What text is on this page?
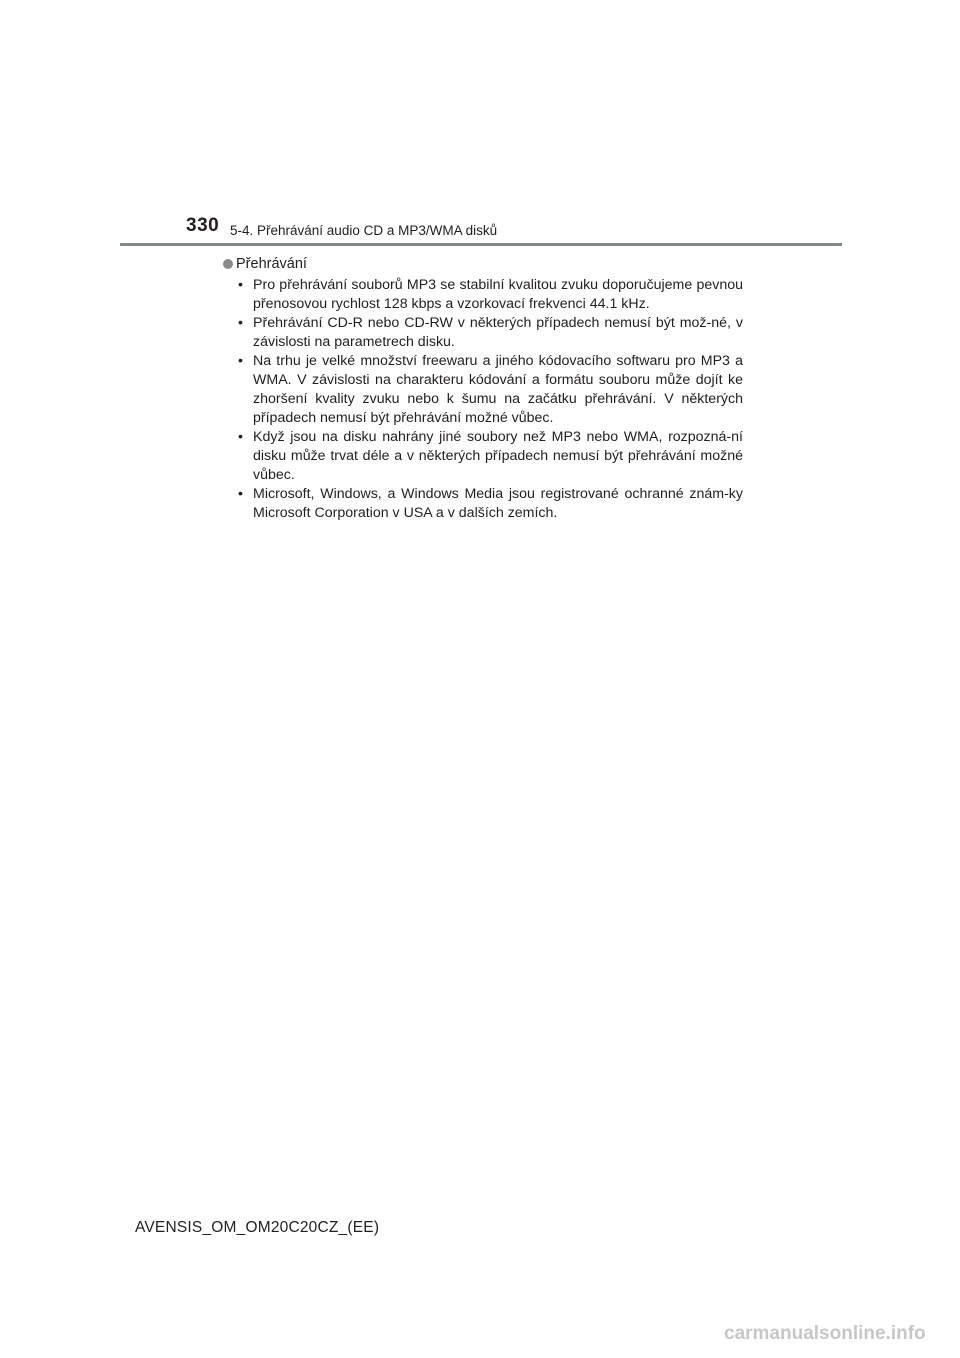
330 5-4. Přehrávání audio CD a MP3/WMA disků
Přehrávání
• Pro přehrávání souborů MP3 se stabilní kvalitou zvuku doporučujeme pevnou přenosovou rychlost 128 kbps a vzorkovací frekvenci 44.1 kHz.
• Přehrávání CD-R nebo CD-RW v některých případech nemusí být mož-né, v závislosti na parametrech disku.
• Na trhu je velké množství freewaru a jiného kódovacího softwaru pro MP3 a WMA. V závislosti na charakteru kódování a formátu souboru může dojít ke zhoršení kvality zvuku nebo k šumu na začátku přehrávání. V některých případech nemusí být přehrávání možné vůbec.
• Když jsou na disku nahrány jiné soubory než MP3 nebo WMA, rozpozná-ní disku může trvat déle a v některých případech nemusí být přehrávání možné vůbec.
• Microsoft, Windows, a Windows Media jsou registrované ochranné znám-ky Microsoft Corporation v USA a v dalších zemích.
AVENSIS_OM_OM20C20CZ_(EE)
carmanualsonline.info
